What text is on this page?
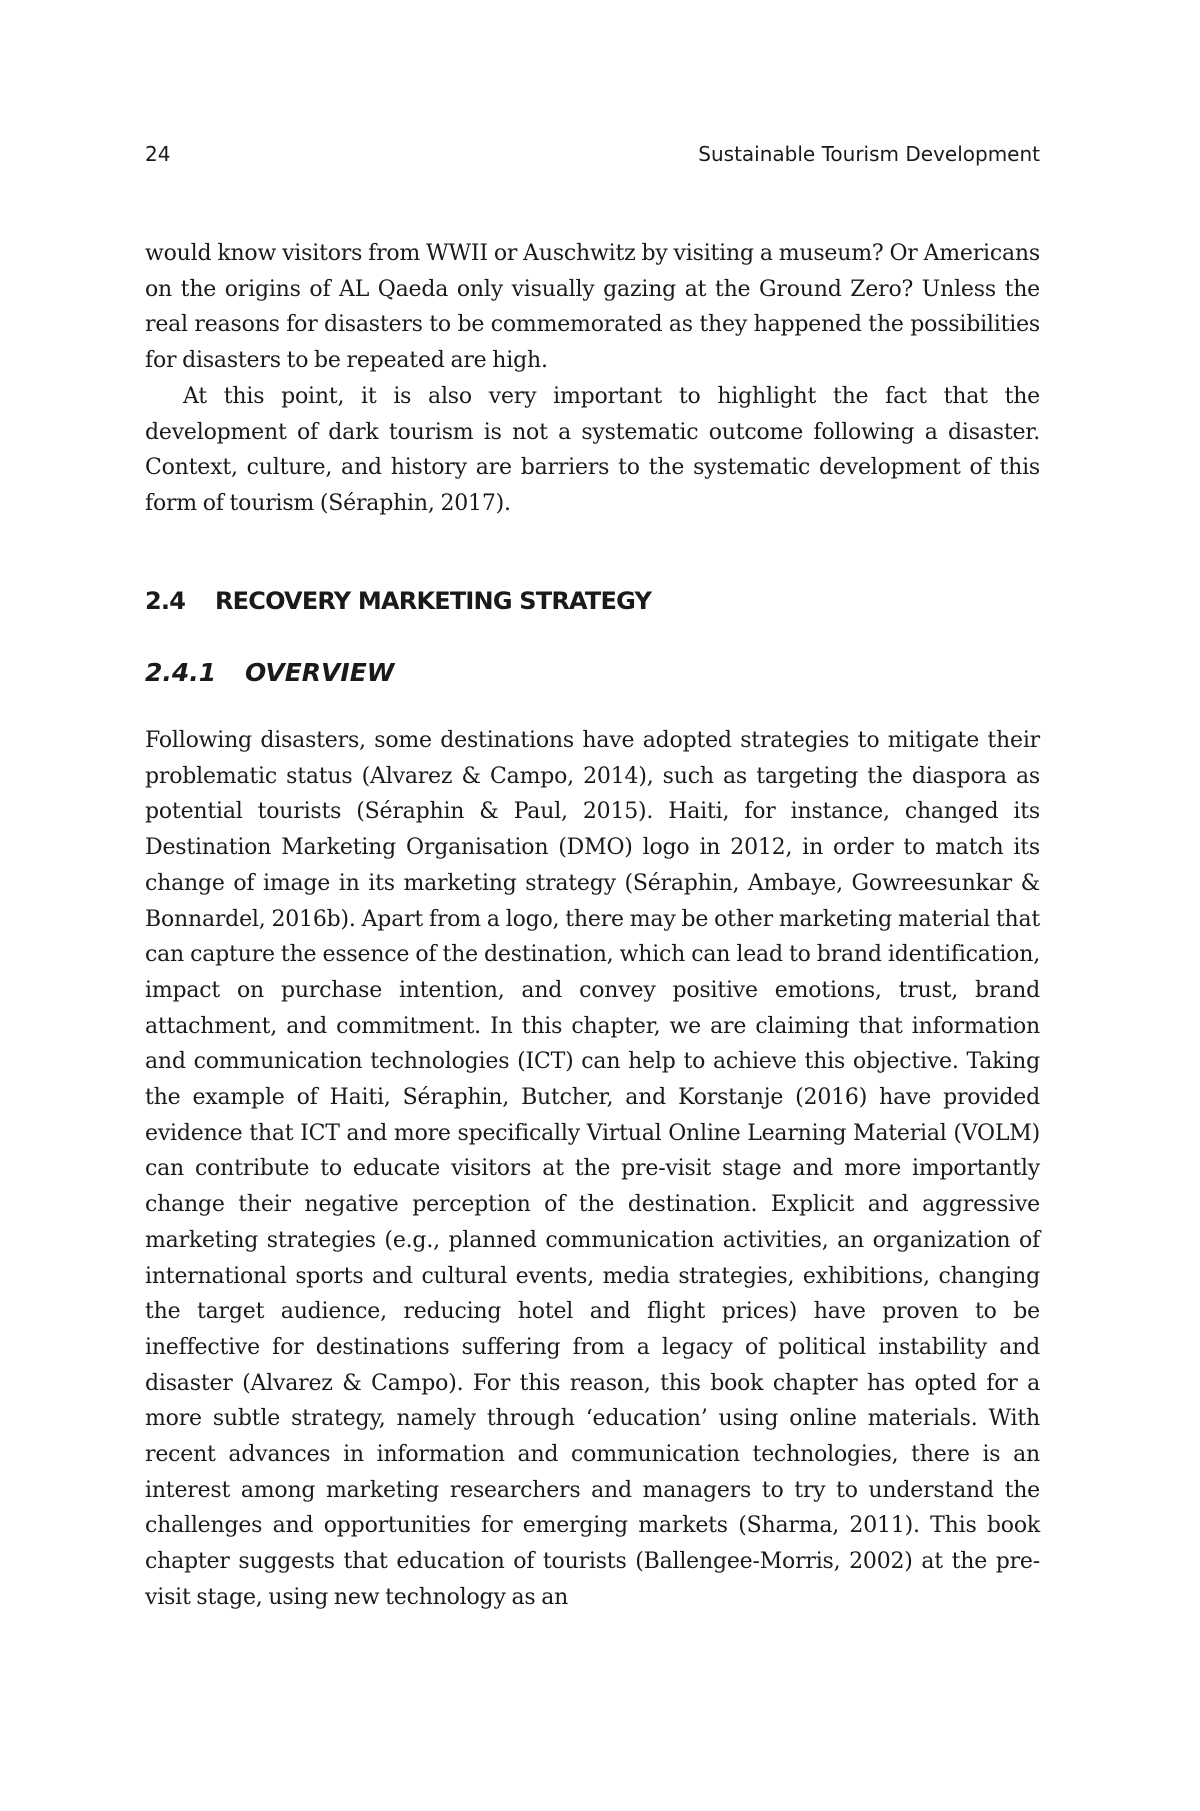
24	Sustainable Tourism Development

would know visitors from WWII or Auschwitz by visiting a museum? Or Americans on the origins of AL Qaeda only visually gazing at the Ground Zero? Unless the real reasons for disasters to be commemorated as they happened the possibilities for disasters to be repeated are high.

At this point, it is also very important to highlight the fact that the development of dark tourism is not a systematic outcome following a disaster. Context, culture, and history are barriers to the systematic development of this form of tourism (Séraphin, 2017).

2.4 RECOVERY MARKETING STRATEGY
2.4.1 OVERVIEW

Following disasters, some destinations have adopted strategies to mitigate their problematic status (Alvarez & Campo, 2014), such as targeting the diaspora as potential tourists (Séraphin & Paul, 2015). Haiti, for instance, changed its Destination Marketing Organisation (DMO) logo in 2012, in order to match its change of image in its marketing strategy (Séraphin, Ambaye, Gowreesunkar & Bonnardel, 2016b). Apart from a logo, there may be other marketing material that can capture the essence of the destination, which can lead to brand identification, impact on purchase intention, and convey positive emotions, trust, brand attachment, and commitment. In this chapter, we are claiming that information and communication technologies (ICT) can help to achieve this objective. Taking the example of Haiti, Séraphin, Butcher, and Korstanje (2016) have provided evidence that ICT and more specifically Virtual Online Learning Material (VOLM) can contribute to educate visitors at the pre-visit stage and more importantly change their negative perception of the destination. Explicit and aggressive marketing strategies (e.g., planned communication activities, an organization of international sports and cultural events, media strategies, exhibitions, changing the target audience, reducing hotel and flight prices) have proven to be ineffective for destinations suffering from a legacy of political instability and disaster (Alvarez & Campo). For this reason, this book chapter has opted for a more subtle strategy, namely through ‘education’ using online materials. With recent advances in information and communication technologies, there is an interest among marketing researchers and managers to try to understand the challenges and opportunities for emerging markets (Sharma, 2011). This book chapter suggests that education of tourists (Ballengee-Morris, 2002) at the pre-visit stage, using new technology as an
